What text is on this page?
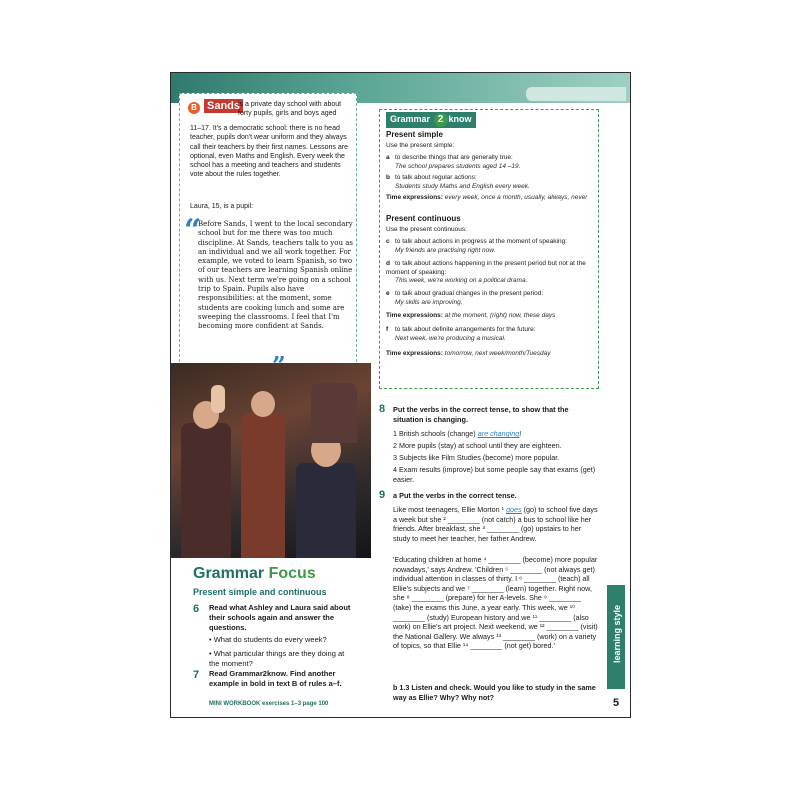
B Sands
is a private day school with about forty pupils, girls and boys aged
11–17. It's a democratic school: there is no head teacher, pupils don't wear uniform and they always call their teachers by their first names. Lessons are optional, even Maths and English. Every week the school has a meeting and teachers and students vote about the rules together.
Laura, 15, is a pupil:
“
Before Sands, I went to the local secondary school but for me there was too much discipline. At Sands, teachers talk to you as an individual and we all work together. For example, we voted to learn Spanish, so two of our teachers are learning Spanish online with us. Next term we're going on a school trip to Spain. Pupils also have responsibilities: at the moment, some students are cooking lunch and some are sweeping the classrooms. I feel that I'm becoming more confident at Sands.
Grammar Focus
Present simple and continuous
6 Read what Ashley and Laura said about their schools again and answer the questions.
• What do students do every week?
• What particular things are they doing at the moment?
7 Read Grammar2know. Find another example in bold in text B of rules a–f.
MINI WORKBOOK exercises 1–3 page 100
Grammar 2 know
Present simple
Use the present simple:
a to describe things that are generally true:
The school prepares students aged 14 –19.
b to talk about regular actions:
Students study Maths and English every week.
Time expressions: every week, once a month, usually, always, never
Present continuous
Use the present continuous:
c to talk about actions in progress at the moment of speaking:
My friends are practising right now.
d to talk about actions happening in the present period but not at the moment of speaking:
This week, we're working on a political drama.
e to talk about gradual changes in the present period:
My skills are improving.
Time expressions: at the moment, (right) now, these days
f to talk about definite arrangements for the future:
Next week, we're producing a musical.
Time expressions: tomorrow, next week/month/Tuesday
8 Put the verbs in the correct tense, to show that the situation is changing.
1 British schools (change) are changing!
2 More pupils (stay) at school until they are eighteen.
3 Subjects like Film Studies (become) more popular.
4 Exam results (improve) but some people say that exams (get) easier.
9 a Put the verbs in the correct tense.
Like most teenagers, Ellie Morton ¹ goes (go) to school five days a week but she ² ________ (not catch) a bus to school like her friends. After breakfast, she ³ ________ (go) upstairs to her study to meet her teacher, her father Andrew.
'Educating children at home ⁴ ________ (become) more popular nowadays,' says Andrew. 'Children ⁵ ________ (not always get) individual attention in classes of thirty. I ⁶ ________ (teach) all Ellie's subjects and we ⁷ ________ (learn) together. Right now, she ⁸ ________ (prepare) for her A-levels. She ⁹ ________ (take) the exams this June, a year early. This week, we ¹⁰ ________ (study) European history and we ¹¹ ________ (also work) on Ellie's art project. Next weekend, we ¹² ________ (visit) the National Gallery. We always ¹³ ________ (work) on a variety of topics, so that Ellie ¹⁴ ________ (not get) bored.'
b 1.3 Listen and check. Would you like to study in the same way as Ellie? Why? Why not?
learning style
5
